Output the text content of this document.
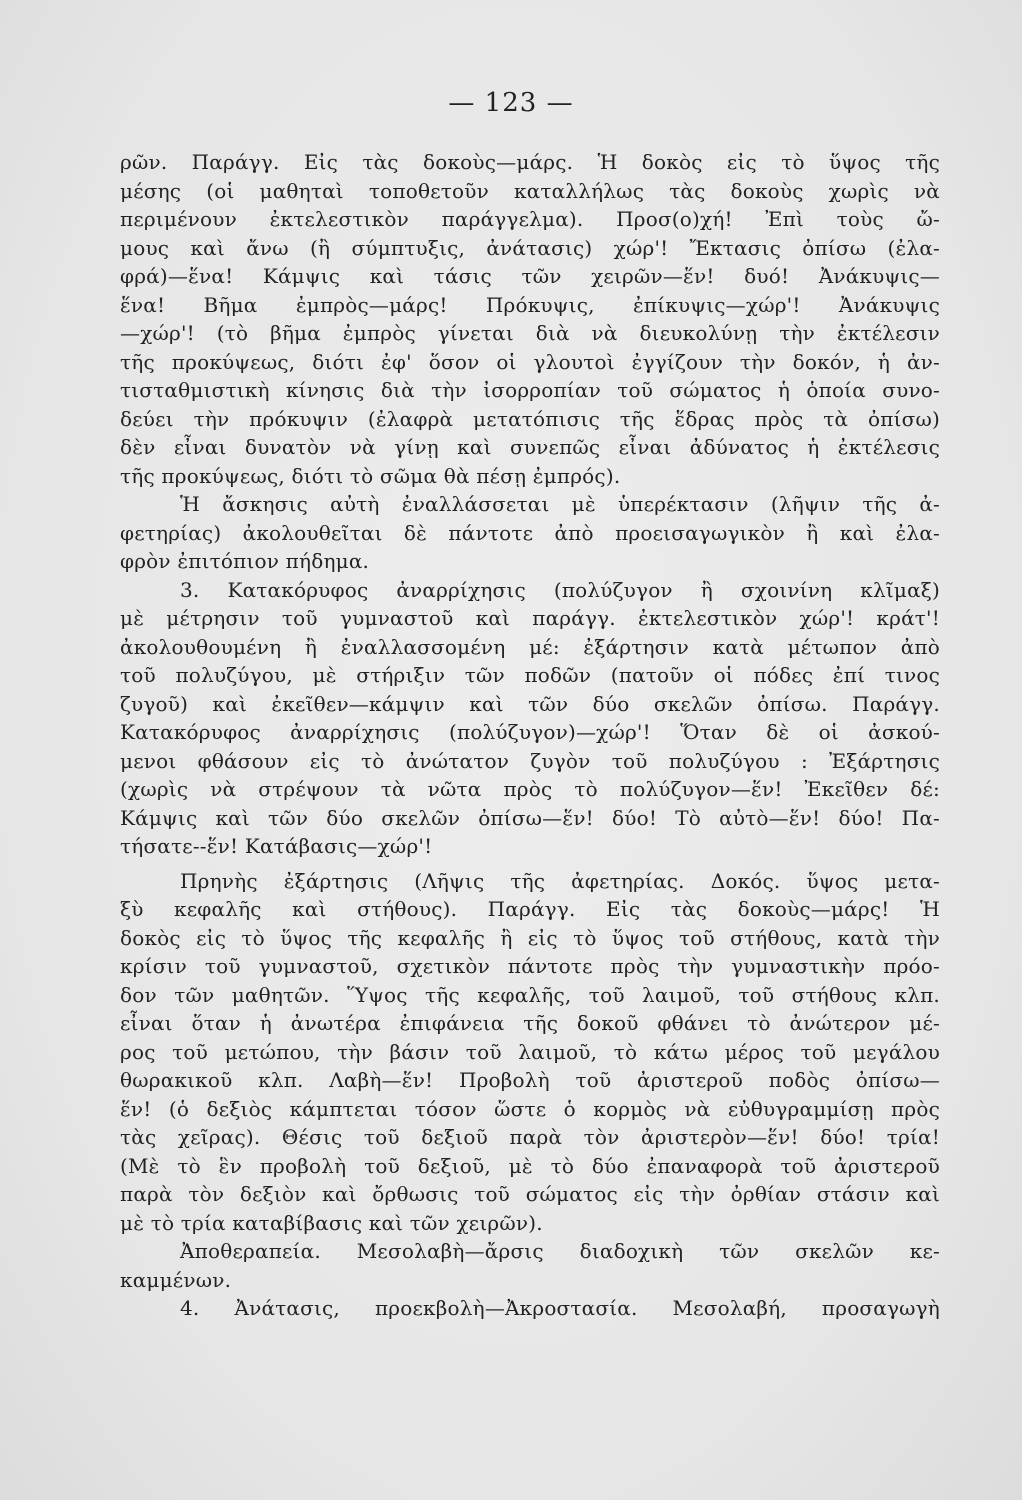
— 123 —
ρῶν. Παράγγ. Εἰς τὰς δοκοὺς—μάρς. Ἡ δοκὸς εἰς τὸ ὕψος τῆς
μέσης (οἱ μαθηταὶ τοποθετοῦν καταλλήλως τὰς δοκοὺς χωρὶς νὰ
περιμένουν ἐκτελεστικὸν παράγγελμα). Προσ(ο)χή! Ἐπὶ τοὺς ὤ-
μους καὶ ἄνω (ἢ σύμπτυξις, ἀνάτασις) χώρ'! Ἔκτασις ὀπίσω (ἐλα-
φρά)—ἕνα! Κάμψις καὶ τάσις τῶν χειρῶν—ἕν! δυό! Ἀνάκυψις—
ἕνα! Βῆμα ἐμπρὸς—μάρς! Πρόκυψις, ἐπίκυψις—χώρ'! Ἀνάκυψις
—χώρ'! (τὸ βῆμα ἐμπρὸς γίνεται διὰ νὰ διευκολύνῃ τὴν ἐκτέλεσιν
τῆς προκύψεως, διότι ἐφ' ὅσον οἱ γλουτοὶ ἐγγίζουν τὴν δοκόν, ἡ ἀν-
τισταθμιστικὴ κίνησις διὰ τὴν ἰσορροπίαν τοῦ σώματος ἡ ὁποία συνο-
δεύει τὴν πρόκυψιν (ἐλαφρὰ μετατόπισις τῆς ἕδρας πρὸς τὰ ὀπίσω)
δὲν εἶναι δυνατὸν νὰ γίνῃ καὶ συνεπῶς εἶναι ἀδύνατος ἡ ἐκτέλεσις
τῆς προκύψεως, διότι τὸ σῶμα θὰ πέσῃ ἐμπρός).
Ἡ ἄσκησις αὐτὴ ἐναλλάσσεται μὲ ὑπερέκτασιν (λῆψιν τῆς ἀ-
φετηρίας) ἀκολουθεῖται δὲ πάντοτε ἀπὸ προεισαγωγικὸν ἢ καὶ ἐλα-
φρὸν ἐπιτόπιον πήδημα.
3. Κατακόρυφος ἀναρρίχησις (πολύζυγον ἢ σχοινίνη κλῖμαξ)
μὲ μέτρησιν τοῦ γυμναστοῦ καὶ παράγγ. ἐκτελεστικὸν χώρ'! κράτ'!
ἀκολουθουμένη ἢ ἐναλλασσομένη μέ: ἐξάρτησιν κατὰ μέτωπον ἀπὸ
τοῦ πολυζύγου, μὲ στήριξιν τῶν ποδῶν (πατοῦν οἱ πόδες ἐπί τινος
ζυγοῦ) καὶ ἐκεῖθεν—κάμψιν καὶ τῶν δύο σκελῶν ὀπίσω. Παράγγ.
Κατακόρυφος ἀναρρίχησις (πολύζυγον)—χώρ'! Ὅταν δὲ οἱ ἀσκού-
μενοι φθάσουν εἰς τὸ ἀνώτατον ζυγὸν τοῦ πολυζύγου : Ἐξάρτησις
(χωρὶς νὰ στρέψουν τὰ νῶτα πρὸς τὸ πολύζυγον—ἕν! Ἐκεῖθεν δέ:
Κάμψις καὶ τῶν δύο σκελῶν ὀπίσω—ἕν! δύο! Τὸ αὐτὸ—ἕν! δύο! Πα-
τήσατε--ἕν! Κατάβασις—χώρ'!
Πρηνὴς ἐξάρτησις (Λῆψις τῆς ἀφετηρίας. Δοκός. ὕψος μετα-
ξὺ κεφαλῆς καὶ στήθους). Παράγγ. Εἰς τὰς δοκοὺς—μάρς! Ἡ
δοκὸς εἰς τὸ ὕψος τῆς κεφαλῆς ἢ εἰς τὸ ὕψος τοῦ στήθους, κατὰ τὴν
κρίσιν τοῦ γυμναστοῦ, σχετικὸν πάντοτε πρὸς τὴν γυμναστικὴν πρόο-
δον τῶν μαθητῶν. Ὕψος τῆς κεφαλῆς, τοῦ λαιμοῦ, τοῦ στήθους κλπ.
εἶναι ὅταν ἡ ἀνωτέρα ἐπιφάνεια τῆς δοκοῦ φθάνει τὸ ἀνώτερον μέ-
ρος τοῦ μετώπου, τὴν βάσιν τοῦ λαιμοῦ, τὸ κάτω μέρος τοῦ μεγάλου
θωρακικοῦ κλπ. Λαβὴ—ἕν! Προβολὴ τοῦ ἀριστεροῦ ποδὸς ὀπίσω—
ἕν! (ὁ δεξιὸς κάμπτεται τόσον ὥστε ὁ κορμὸς νὰ εὐθυγραμμίσῃ πρὸς
τὰς χεῖρας). Θέσις τοῦ δεξιοῦ παρὰ τὸν ἀριστερὸν—ἕν! δύο! τρία!
(Μὲ τὸ ἓν προβολὴ τοῦ δεξιοῦ, μὲ τὸ δύο ἐπαναφορὰ τοῦ ἀριστεροῦ
παρὰ τὸν δεξιὸν καὶ ὄρθωσις τοῦ σώματος εἰς τὴν ὀρθίαν στάσιν καὶ
μὲ τὸ τρία καταβίβασις καὶ τῶν χειρῶν).
Ἀποθεραπεία. Μεσολαβὴ—ἄρσις διαδοχικὴ τῶν σκελῶν κε-
καμμένων.
4. Ἀνάτασις, προεκβολὴ—Ἀκροστασία. Μεσολαβή, προσαγωγὴ
